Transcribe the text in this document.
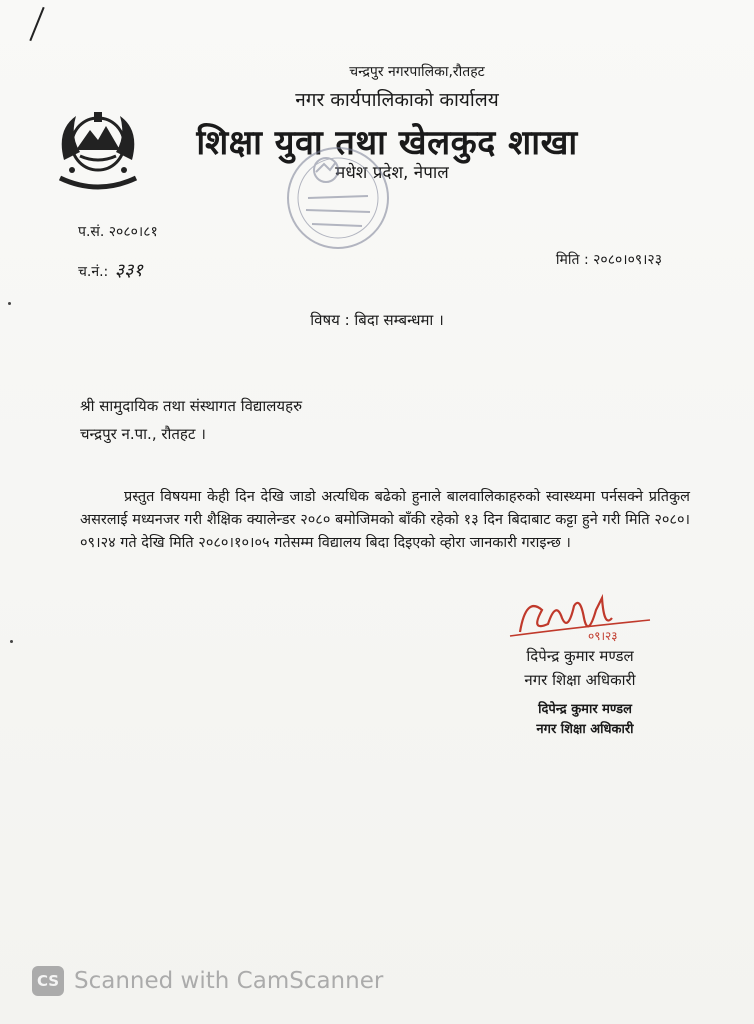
चन्द्रपुर नगरपालिका,रौतहट
नगर कार्यपालिकाको कार्यालय
शिक्षा युवा तथा खेलकुद शाखा
मधेश प्रदेश, नेपाल
प.सं. २०८०।८१
च.नं.: ३३१	मिति : २०८०।०९।२३
विषय : बिदा सम्बन्धमा ।
श्री सामुदायिक तथा संस्थागत विद्यालयहरु
चन्द्रपुर न.पा., रौतहट ।
प्रस्तुत विषयमा केही दिन देखि जाडो अत्यधिक बढेको हुनाले बालवालिकाहरुको स्वास्थ्यमा पर्नसक्ने प्रतिकुल असरलाई मध्यनजर गरी शैक्षिक क्यालेन्डर २०८० बमोजिमको बाँकी रहेको १३ दिन बिदाबाट कट्टा हुने गरी मिति २०८०।०९।२४ गते देखि मिति २०८०।१०।०५ गतेसम्म विद्यालय बिदा दिइएको व्होरा जानकारी गराइन्छ ।
०९।२३
दिपेन्द्र कुमार मण्डल
नगर शिक्षा अधिकारी
दिपेन्द्र कुमार मण्डल
नगर शिक्षा अधिकारी
CS Scanned with CamScanner
